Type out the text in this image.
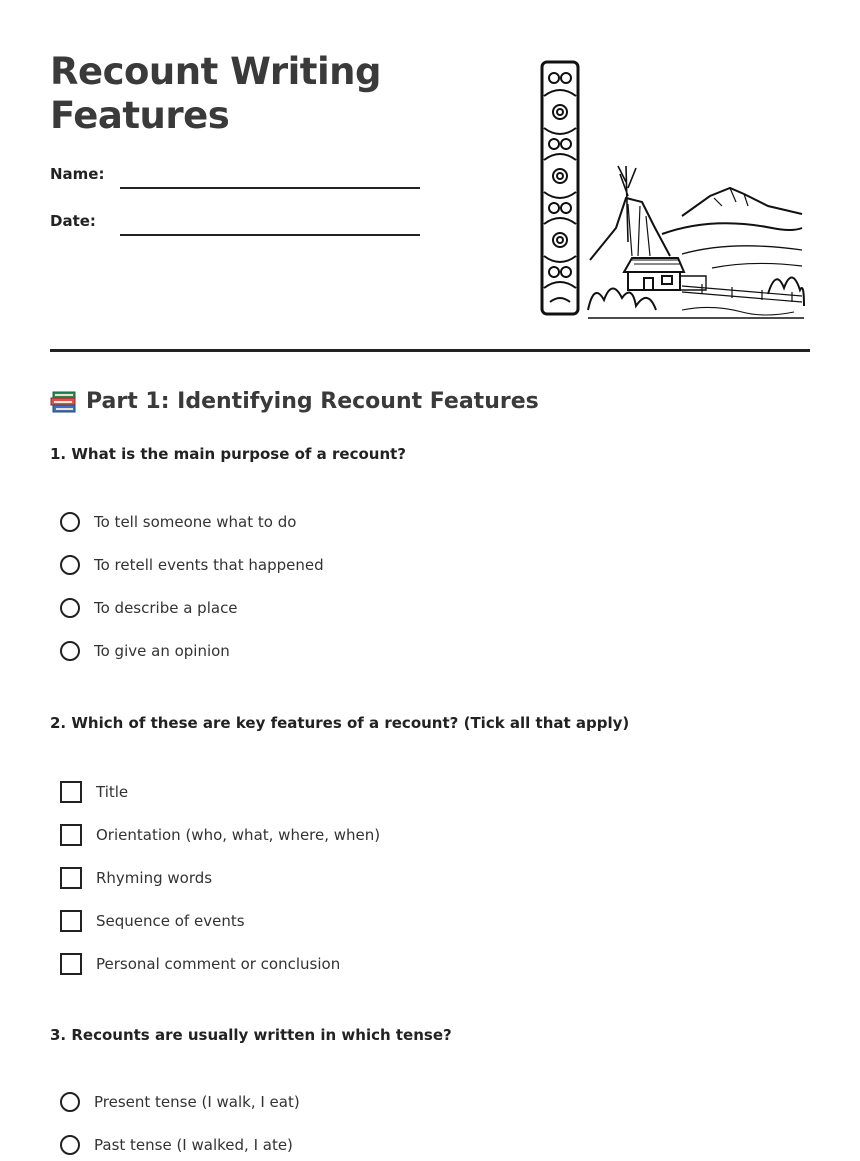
Recount Writing Features
Name:
Date:
Part 1: Identifying Recount Features

1. What is the main purpose of a recount?

To tell someone what to do
To retell events that happened
To describe a place
To give an opinion

2. Which of these are key features of a recount? (Tick all that apply)

Title
Orientation (who, what, where, when)
Rhyming words
Sequence of events
Personal comment or conclusion

3. Recounts are usually written in which tense?

Present tense (I walk, I eat)
Past tense (I walked, I ate)
